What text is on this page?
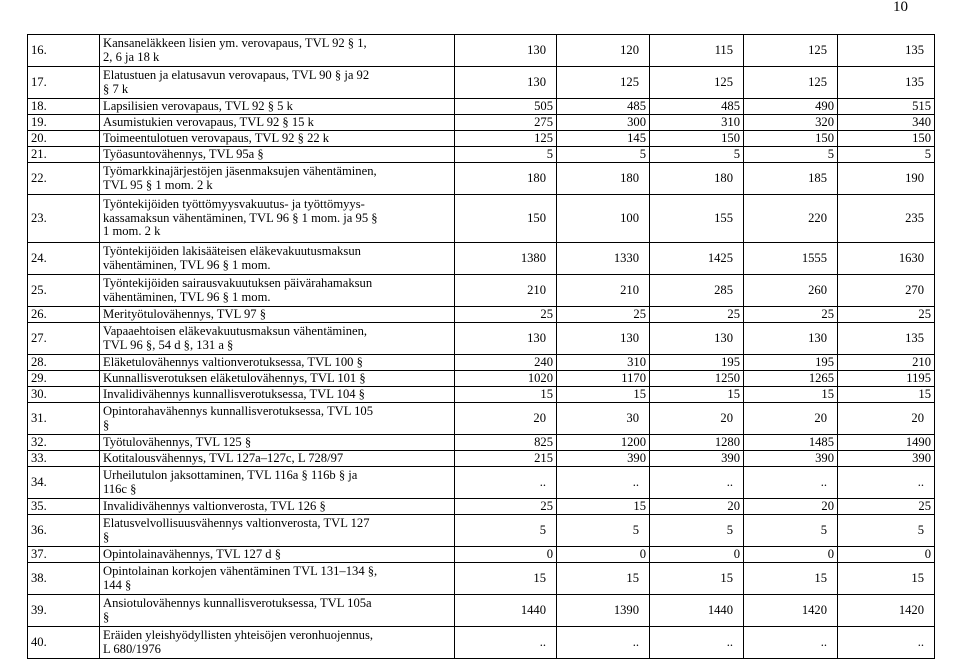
10
16.	Kansaneläkkeen lisien ym. verovapaus, TVL 92 § 1,
2, 6 ja 18 k	130	120	115	125	135
17.	Elatustuen ja elatusavun verovapaus, TVL 90 § ja 92
§ 7 k	130	125	125	125	135
18.	Lapsilisien verovapaus, TVL 92 § 5 k	505	485	485	490	515
19.	Asumistukien verovapaus, TVL 92 § 15 k	275	300	310	320	340
20.	Toimeentulotuen verovapaus, TVL 92 § 22 k	125	145	150	150	150
21.	Työasuntovähennys, TVL 95a §	5	5	5	5	5
22.	Työmarkkinajärjestöjen jäsenmaksujen vähentäminen,
TVL 95 § 1 mom. 2 k	180	180	180	185	190
23.	Työntekijöiden työttömyysvakuutus- ja työttömyys-
kassamaksun vähentäminen, TVL 96 § 1 mom. ja 95 §
1 mom. 2 k	150	100	155	220	235
24.	Työntekijöiden lakisääteisen eläkevakuutusmaksun
vähentäminen, TVL 96 § 1 mom.	1380	1330	1425	1555	1630
25.	Työntekijöiden sairausvakuutuksen päivärahamaksun
vähentäminen, TVL 96 § 1 mom.	210	210	285	260	270
26.	Merityötulovähennys, TVL 97 §	25	25	25	25	25
27.	Vapaaehtoisen eläkevakuutusmaksun vähentäminen,
TVL 96 §, 54 d §, 131 a §	130	130	130	130	135
28.	Eläketulovähennys valtionverotuksessa, TVL 100 §	240	310	195	195	210
29.	Kunnallisverotuksen eläketulovähennys, TVL 101 §	1020	1170	1250	1265	1195
30.	Invalidivähennys kunnallisverotuksessa, TVL 104 §	15	15	15	15	15
31.	Opintorahavähennys kunnallisverotuksessa, TVL 105
§	20	30	20	20	20
32.	Työtulovähennys, TVL 125 §	825	1200	1280	1485	1490
33.	Kotitalousvähennys, TVL 127a–127c, L 728/97	215	390	390	390	390
34.	Urheilutulon jaksottaminen, TVL 116a § 116b § ja
116c §	..	..	..	..	..
35.	Invalidivähennys valtionverosta, TVL 126 §	25	15	20	20	25
36.	Elatusvelvollisuusvähennys valtionverosta, TVL 127
§	5	5	5	5	5
37.	Opintolainavähennys, TVL 127 d §	0	0	0	0	0
38.	Opintolainan korkojen vähentäminen TVL 131–134 §,
144 §	15	15	15	15	15
39.	Ansiotulovähennys kunnallisverotuksessa, TVL 105a
§	1440	1390	1440	1420	1420
40.	Eräiden yleishyödyllisten yhteisöjen veronhuojennus,
L 680/1976	..	..	..	..	..
